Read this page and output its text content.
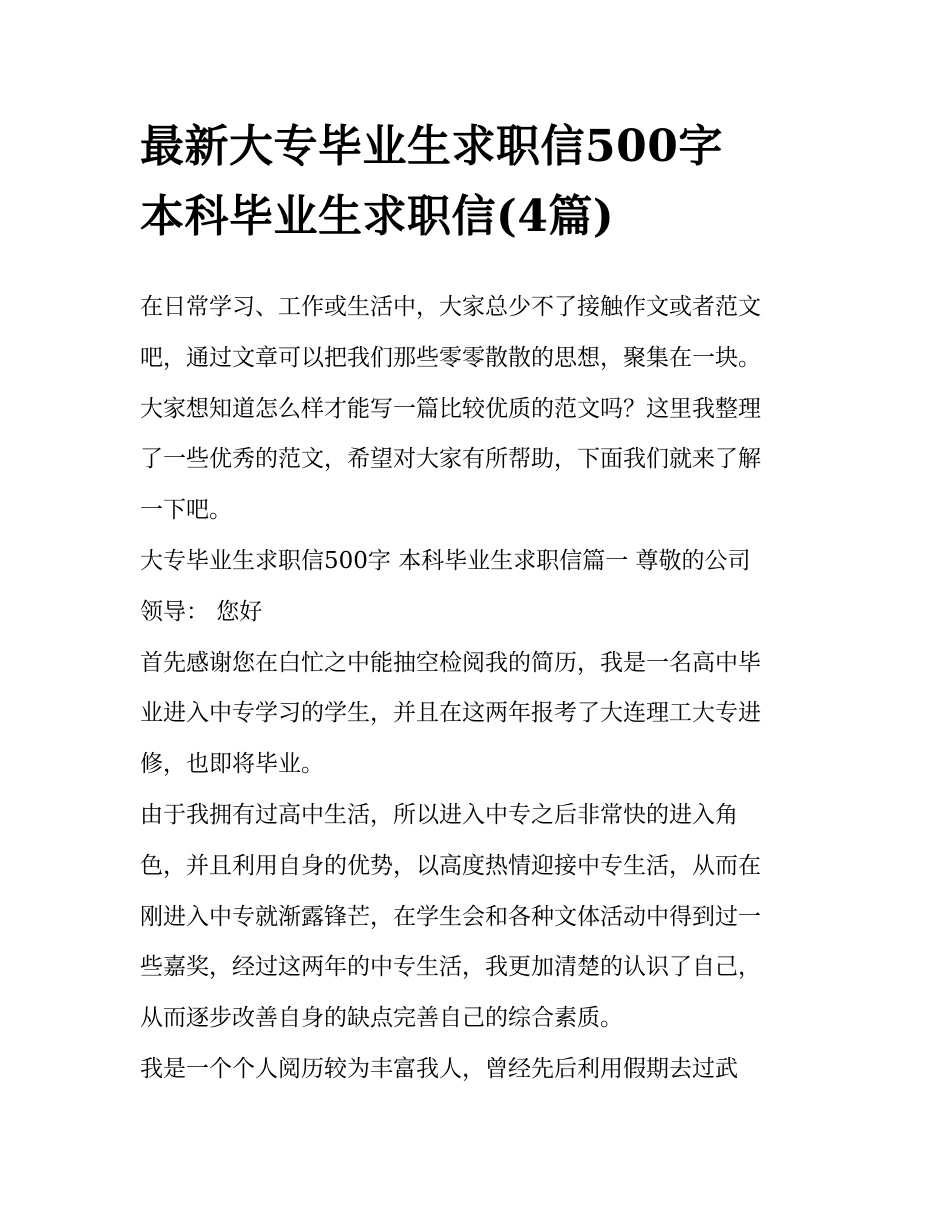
最新大专毕业生求职信500字
本科毕业生求职信(4篇)
在日常学习、工作或生活中，大家总少不了接触作文或者范文
吧，通过文章可以把我们那些零零散散的思想，聚集在一块。
大家想知道怎么样才能写一篇比较优质的范文吗？这里我整理
了一些优秀的范文，希望对大家有所帮助，下面我们就来了解
一下吧。
大专毕业生求职信500字 本科毕业生求职信篇一 尊敬的公司
领导： 您好
首先感谢您在白忙之中能抽空检阅我的简历，我是一名高中毕
业进入中专学习的学生，并且在这两年报考了大连理工大专进
修，也即将毕业。
由于我拥有过高中生活，所以进入中专之后非常快的进入角
色，并且利用自身的优势，以高度热情迎接中专生活，从而在
刚进入中专就渐露锋芒，在学生会和各种文体活动中得到过一
些嘉奖，经过这两年的中专生活，我更加清楚的认识了自己，
从而逐步改善自身的缺点完善自己的综合素质。
我是一个个人阅历较为丰富我人，曾经先后利用假期去过武
